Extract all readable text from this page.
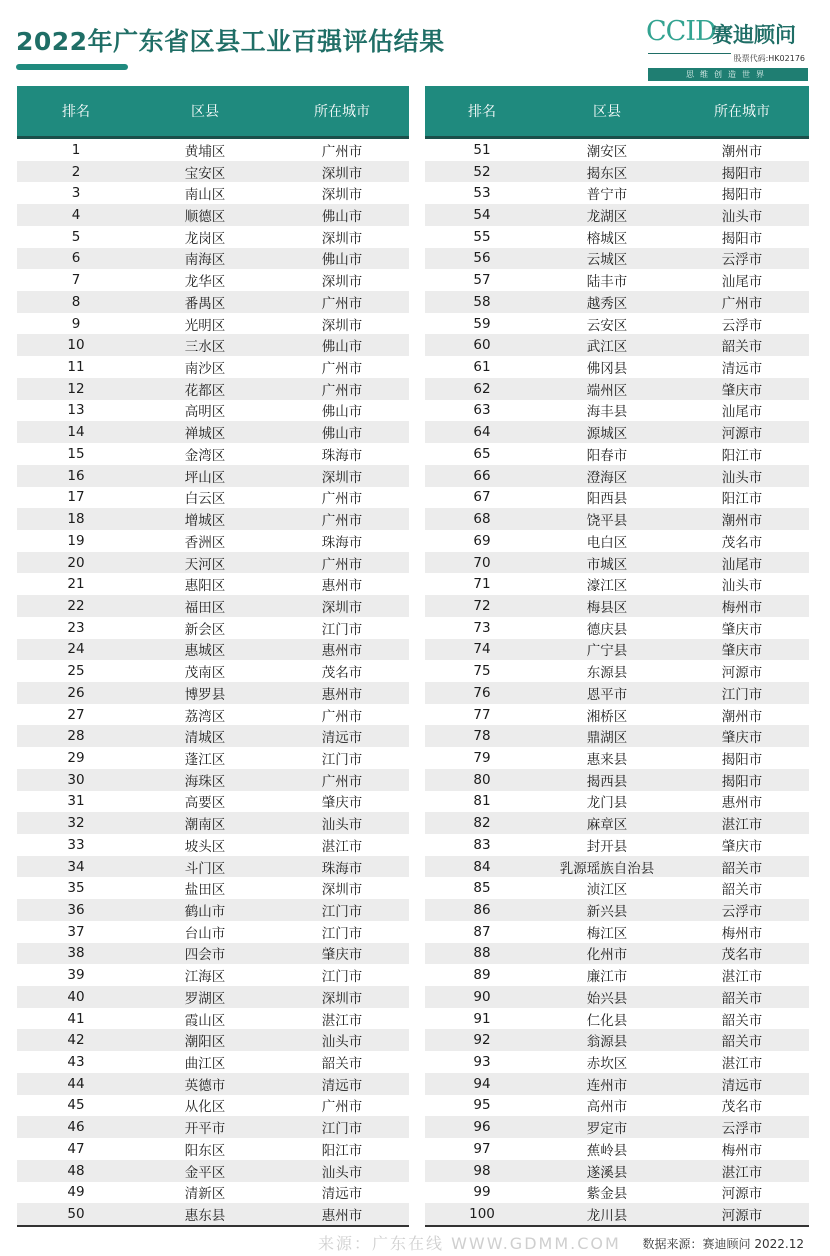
2022年广东省区县工业百强评估结果	CCID
赛迪顾问
股票代码:HK02176
思维创造世界
排名	区县	所在城市
1	黄埔区	广州市
2	宝安区	深圳市
3	南山区	深圳市
4	顺德区	佛山市
5	龙岗区	深圳市
6	南海区	佛山市
7	龙华区	深圳市
8	番禺区	广州市
9	光明区	深圳市
10	三水区	佛山市
11	南沙区	广州市
12	花都区	广州市
13	高明区	佛山市
14	禅城区	佛山市
15	金湾区	珠海市
16	坪山区	深圳市
17	白云区	广州市
18	增城区	广州市
19	香洲区	珠海市
20	天河区	广州市
21	惠阳区	惠州市
22	福田区	深圳市
23	新会区	江门市
24	惠城区	惠州市
25	茂南区	茂名市
26	博罗县	惠州市
27	荔湾区	广州市
28	清城区	清远市
29	蓬江区	江门市
30	海珠区	广州市
31	高要区	肇庆市
32	潮南区	汕头市
33	坡头区	湛江市
34	斗门区	珠海市
35	盐田区	深圳市
36	鹤山市	江门市
37	台山市	江门市
38	四会市	肇庆市
39	江海区	江门市
40	罗湖区	深圳市
41	霞山区	湛江市
42	潮阳区	汕头市
43	曲江区	韶关市
44	英德市	清远市
45	从化区	广州市
46	开平市	江门市
47	阳东区	阳江市
48	金平区	汕头市
49	清新区	清远市
50	惠东县	惠州市
排名	区县	所在城市
51	潮安区	潮州市
52	揭东区	揭阳市
53	普宁市	揭阳市
54	龙湖区	汕头市
55	榕城区	揭阳市
56	云城区	云浮市
57	陆丰市	汕尾市
58	越秀区	广州市
59	云安区	云浮市
60	武江区	韶关市
61	佛冈县	清远市
62	端州区	肇庆市
63	海丰县	汕尾市
64	源城区	河源市
65	阳春市	阳江市
66	澄海区	汕头市
67	阳西县	阳江市
68	饶平县	潮州市
69	电白区	茂名市
70	市城区	汕尾市
71	濠江区	汕头市
72	梅县区	梅州市
73	德庆县	肇庆市
74	广宁县	肇庆市
75	东源县	河源市
76	恩平市	江门市
77	湘桥区	潮州市
78	鼎湖区	肇庆市
79	惠来县	揭阳市
80	揭西县	揭阳市
81	龙门县	惠州市
82	麻章区	湛江市
83	封开县	肇庆市
84	乳源瑶族自治县	韶关市
85	浈江区	韶关市
86	新兴县	云浮市
87	梅江区	梅州市
88	化州市	茂名市
89	廉江市	湛江市
90	始兴县	韶关市
91	仁化县	韶关市
92	翁源县	韶关市
93	赤坎区	湛江市
94	连州市	清远市
95	高州市	茂名市
96	罗定市	云浮市
97	蕉岭县	梅州市
98	遂溪县	湛江市
99	紫金县	河源市
100	龙川县	河源市
来源：广东在线 WWW.GDMM.COM 数据来源：赛迪顾问 2022.12
